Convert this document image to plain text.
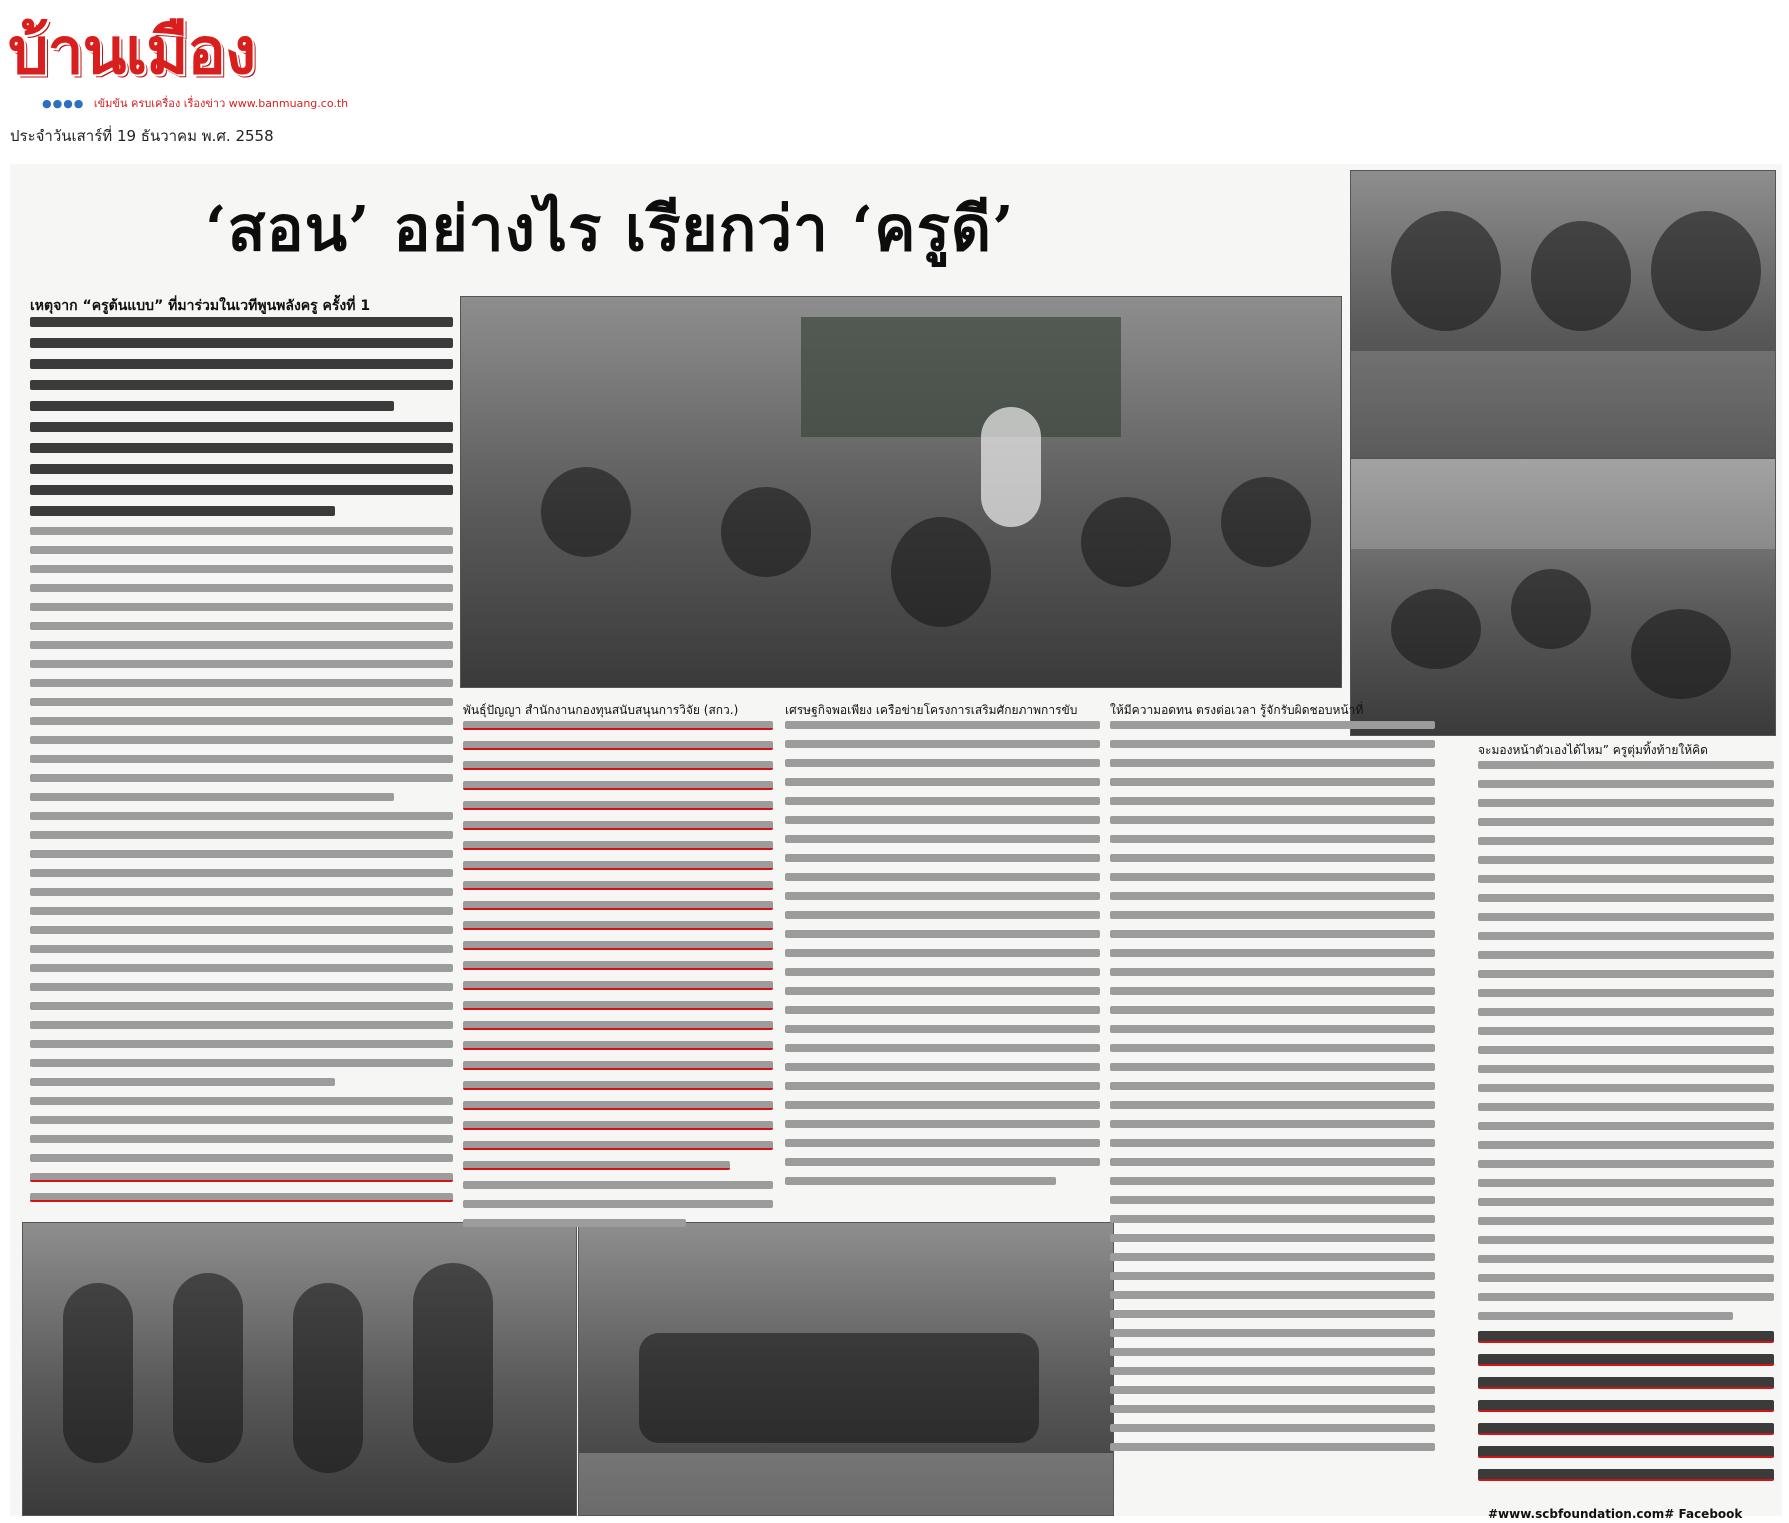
บ้านเมือง
●●●● เข้มข้น ครบเครื่อง เรื่องข่าว www.banmuang.co.th
ประจำวันเสาร์ที่ 19 ธันวาคม พ.ศ. 2558
‘สอน’ อย่างไร เรียกว่า ‘ครูดี’
เหตุจาก “ครูต้นแบบ” ที่มาร่วมในเวทีพูนพลังครู ครั้งที่ 1
พันธุ์ปัญญา สำนักงานกองทุนสนับสนุนการวิจัย (สกว.)	เศรษฐกิจพอเพียง เครือข่ายโครงการเสริมศักยภาพการขับ	ให้มีความอดทน ตรงต่อเวลา รู้จักรับผิดชอบหน้าที่
จะมองหน้าตัวเองได้ไหม” ครูตุ่มทิ้งท้ายให้คิด
#www.scbfoundation.com# Facebook
